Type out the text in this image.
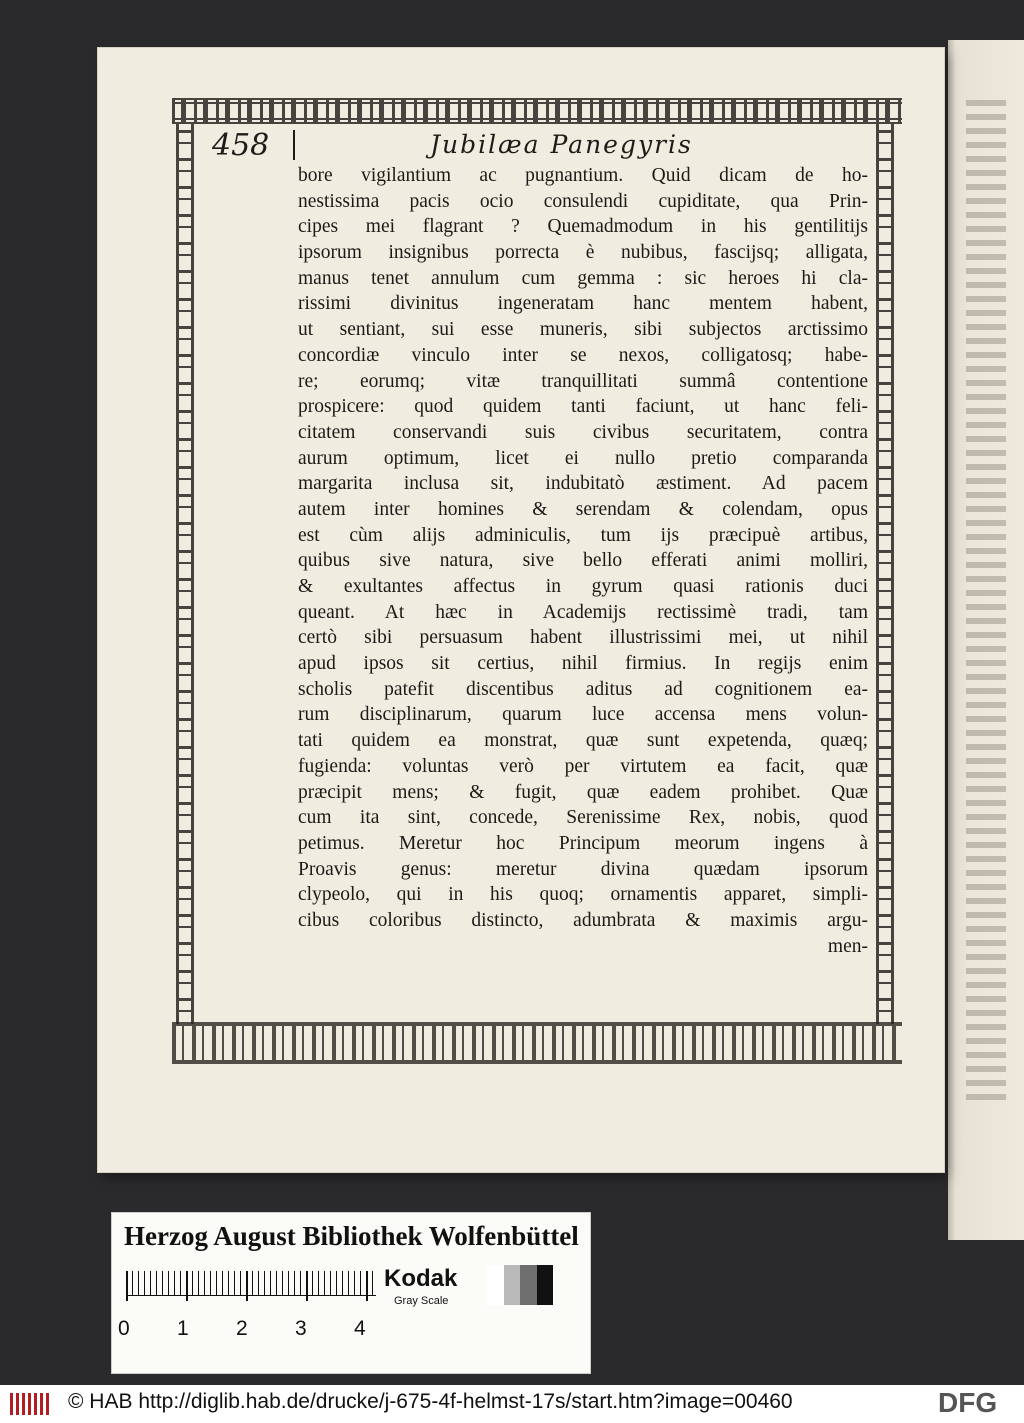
458	Jubilæa Panegyris
bore vigilantium ac pugnantium. Quid dicam de ho-
nestissima pacis ocio consulendi cupiditate, qua Prin-
cipes mei flagrant ? Quemadmodum in his gentilitijs
ipsorum insignibus porrecta è nubibus, fascijsq; alligata,
manus tenet annulum cum gemma : sic heroes hi cla-
rissimi divinitus ingeneratam hanc mentem habent,
ut sentiant, sui esse muneris, sibi subjectos arctissimo
concordiæ vinculo inter se nexos, colligatosq; habe-
re; eorumq; vitæ tranquillitati summâ contentione
prospicere: quod quidem tanti faciunt, ut hanc feli-
citatem conservandi suis civibus securitatem, contra
aurum optimum, licet ei nullo pretio comparanda
margarita inclusa sit, indubitatò æstiment. Ad pacem
autem inter homines & serendam & colendam, opus
est cùm alijs adminiculis, tum ijs præcipuè artibus,
quibus sive natura, sive bello efferati animi molliri,
& exultantes affectus in gyrum quasi rationis duci
queant. At hæc in Academijs rectissimè tradi, tam
certò sibi persuasum habent illustrissimi mei, ut nihil
apud ipsos sit certius, nihil firmius. In regijs enim
scholis patefit discentibus aditus ad cognitionem ea-
rum disciplinarum, quarum luce accensa mens volun-
tati quidem ea monstrat, quæ sunt expetenda, quæq;
fugienda: voluntas verò per virtutem ea facit, quæ
præcipit mens; & fugit, quæ eadem prohibet. Quæ
cum ita sint, concede, Serenissime Rex, nobis, quod
petimus. Meretur hoc Principum meorum ingens à
Proavis genus: meretur divina quædam ipsorum
clypeolo, qui in his quoq; ornamentis apparet, simpli-
cibus coloribus distincto, adumbrata & maximis argu-
men-
Herzog August Bibliothek Wolfenbüttel
0 1 2 3 4
Kodak
Gray Scale
© HAB http://diglib.hab.de/drucke/j-675-4f-helmst-17s/start.htm?image=00460	DFG
